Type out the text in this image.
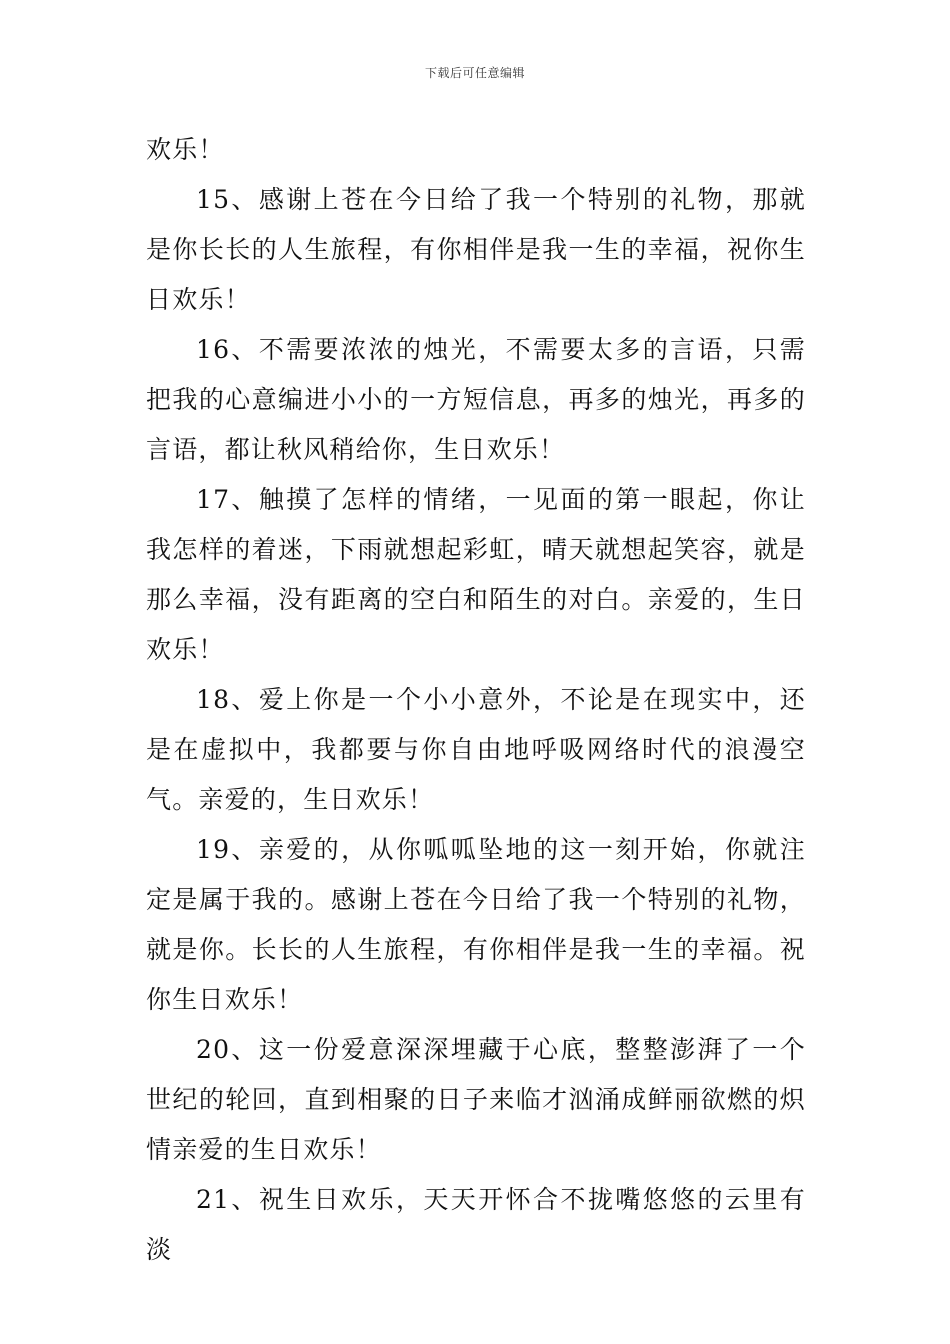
下载后可任意编辑

欢乐！

15、感谢上苍在今日给了我一个特别的礼物，那就是你长长的人生旅程，有你相伴是我一生的幸福，祝你生日欢乐！

16、不需要浓浓的烛光，不需要太多的言语，只需把我的心意编进小小的一方短信息，再多的烛光，再多的言语，都让秋风稍给你，生日欢乐！

17、触摸了怎样的情绪，一见面的第一眼起，你让我怎样的着迷，下雨就想起彩虹，晴天就想起笑容，就是那么幸福，没有距离的空白和陌生的对白。亲爱的，生日欢乐！

18、爱上你是一个小小意外，不论是在现实中，还是在虚拟中，我都要与你自由地呼吸网络时代的浪漫空气。亲爱的，生日欢乐！

19、亲爱的，从你呱呱坠地的这一刻开始，你就注定是属于我的。感谢上苍在今日给了我一个特别的礼物，就是你。长长的人生旅程，有你相伴是我一生的幸福。祝你生日欢乐！

20、这一份爱意深深埋藏于心底，整整澎湃了一个世纪的轮回，直到相聚的日子来临才汹涌成鲜丽欲燃的炽情亲爱的生日欢乐！

21、祝生日欢乐，天天开怀合不拢嘴悠悠的云里有淡
